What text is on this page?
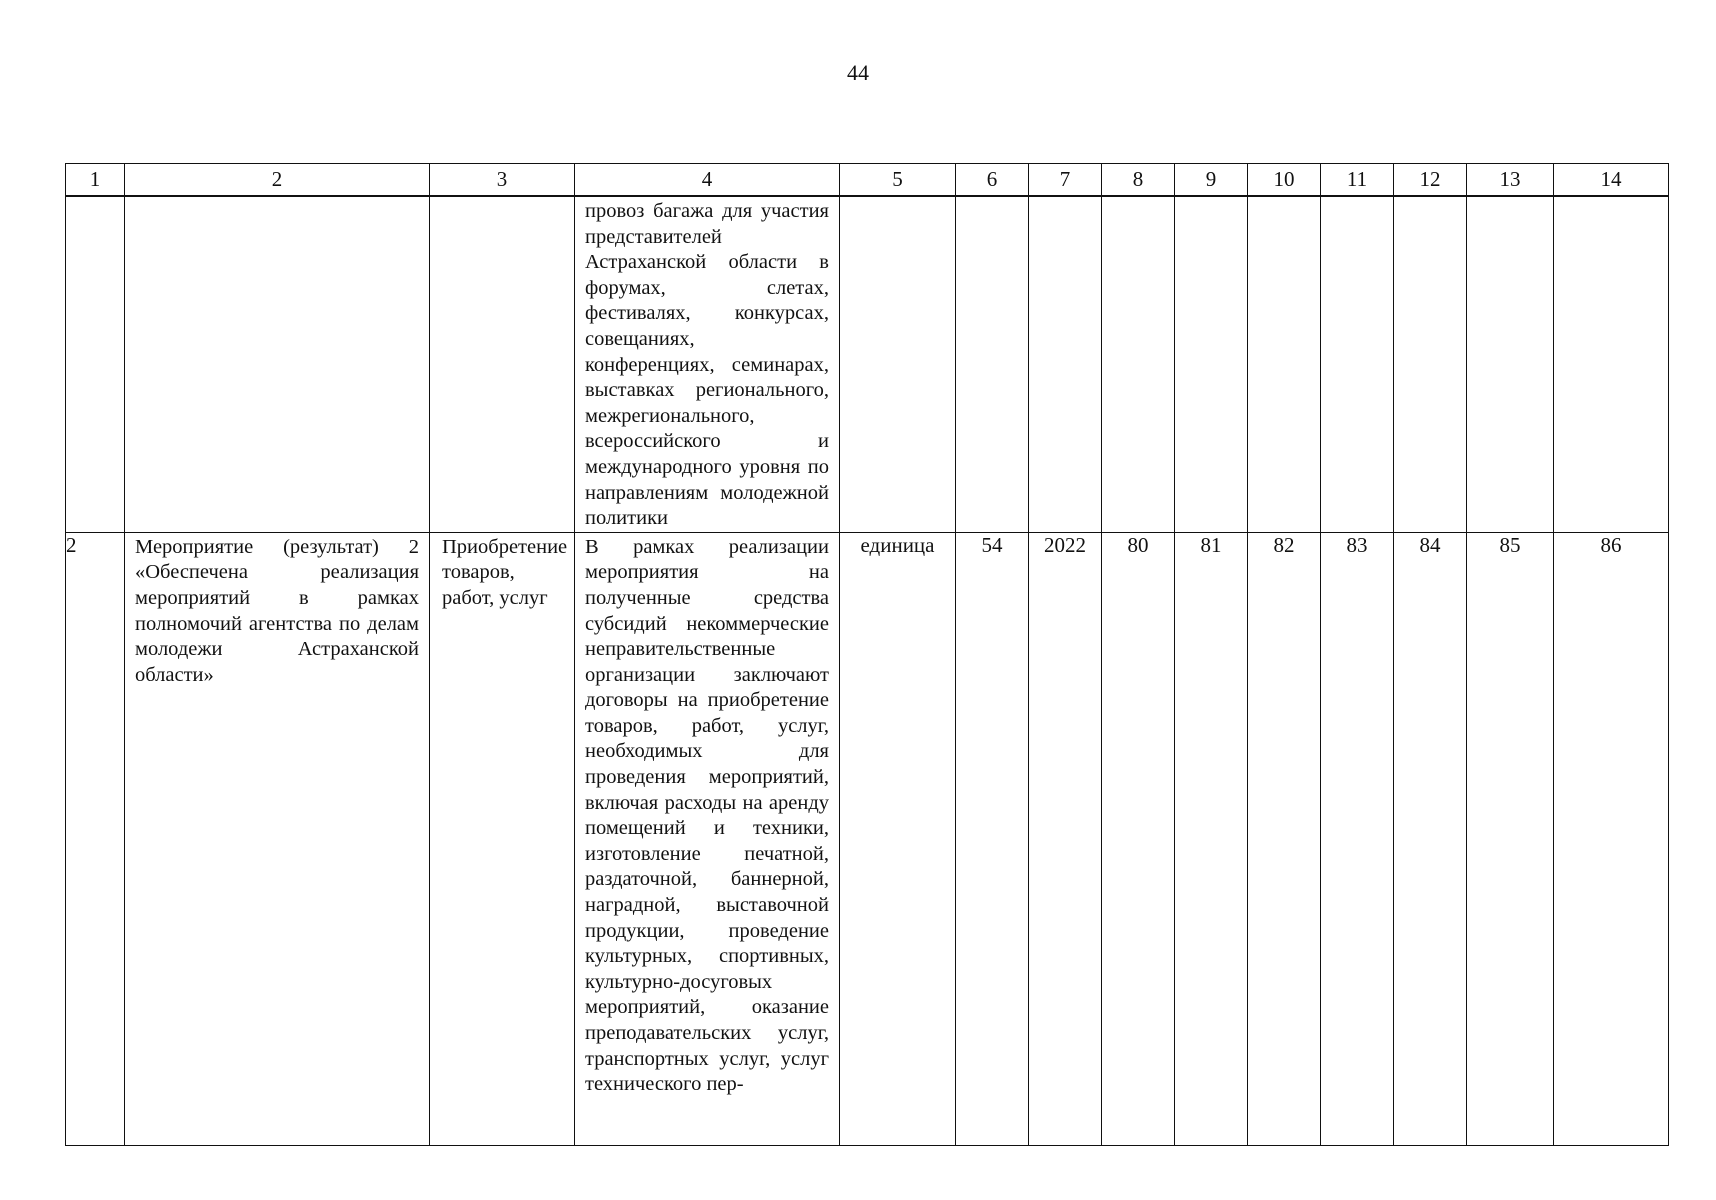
44
1	2	3	4	5	6	7	8	9	10	11	12	13	14

			провоз багажа для участия представителей Астраханской области в форумах, слетах, фестивалях, конкурсах, совещаниях, конференциях, семинарах, выставках регионального, межрегионального, всероссийского и международного уровня по направлениям молодежной политики										

2	Мероприятие (результат) 2 «Обеспечена реализация мероприятий в рамках полномочий агентства по делам молодежи Астраханской области»	Приобретение товаров, работ, услуг	В рамках реализации мероприятия на полученные средства субсидий некоммерческие неправительственные организации заключают договоры на приобретение товаров, работ, услуг, необходимых для проведения мероприятий, включая расходы на аренду помещений и техники, изготовление печатной, раздаточной, баннерной, наградной, выставочной продукции, проведение культурных, спортивных, культурно-досуговых мероприятий, оказание преподавательских услуг, транспортных услуг, услуг технического пер-	единица	54	2022	80	81	82	83	84	85	86
